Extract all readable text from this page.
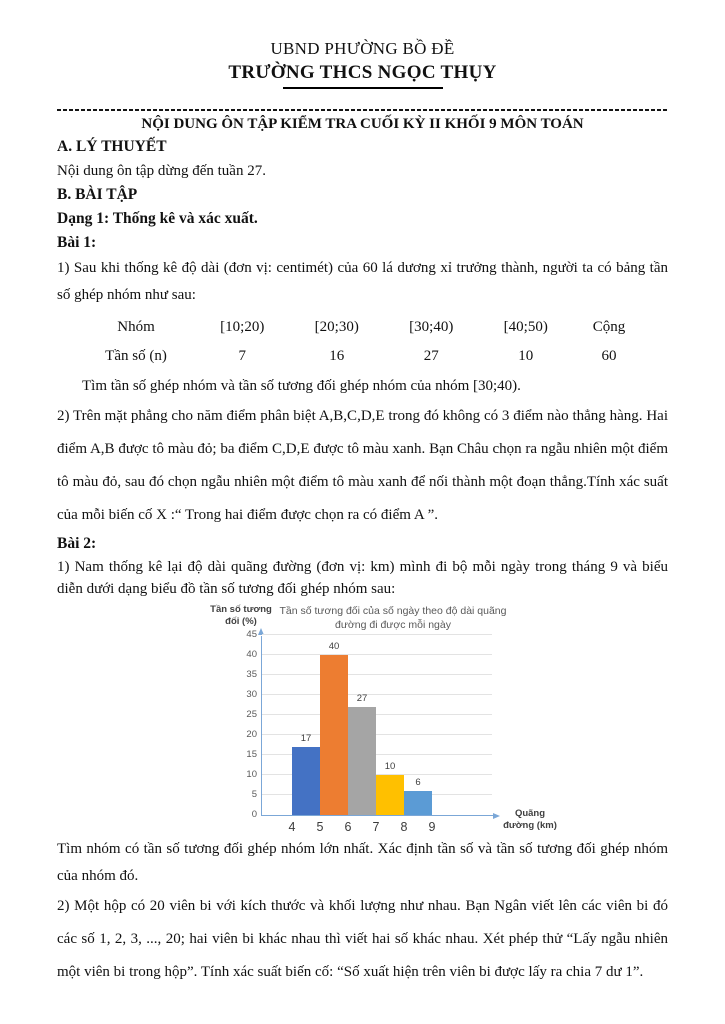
UBND PHƯỜNG BỒ ĐỀ
TRƯỜNG THCS NGỌC THỤY
NỘI DUNG ÔN TẬP KIỂM TRA CUỐI KỲ II KHỐI 9 MÔN TOÁN
A. LÝ THUYẾT
Nội dung ôn tập dừng đến tuần 27.
B. BÀI TẬP
Dạng 1: Thống kê và xác xuất.
Bài 1:

1) Sau khi thống kê độ dài (đơn vị: centimét) của 60 lá dương xỉ trưởng thành, người ta có bảng tần số ghép nhóm như sau:

Nhóm	[10;20)	[20;30)	[30;40)	[40;50)	Cộng
Tần số (n)	7	16	27	10	60

Tìm tần số ghép nhóm và tần số tương đối ghép nhóm của nhóm [30;40).

2) Trên mặt phẳng cho năm điểm phân biệt A,B,C,D,E trong đó không có 3 điểm nào thẳng hàng. Hai điểm A,B được tô màu đỏ; ba điểm C,D,E được tô màu xanh. Bạn Châu chọn ra ngẫu nhiên một điểm tô màu đỏ, sau đó chọn ngẫu nhiên một điểm tô màu xanh để nối thành một đoạn thẳng.Tính xác suất của mỗi biến cố X :“ Trong hai điểm được chọn ra có điểm A ”.

Bài 2:

1) Nam thống kê lại độ dài quãng đường (đơn vị: km) mình đi bộ mỗi ngày trong tháng 9 và biểu diễn dưới dạng biểu đồ tần số tương đối ghép nhóm sau:

Tần số tương đối (%)
Tần số tương đối của số ngày theo độ dài quãng đường đi được mỗi ngày
0
5
10
15
20
25
30
35
40
45
17
40
27
10
6
4	5	6	7	8	9
Quãng đường (km)

Tìm nhóm có tần số tương đối ghép nhóm lớn nhất. Xác định tần số và tần số tương đối ghép nhóm của nhóm đó.

2) Một hộp có 20 viên bi với kích thước và khối lượng như nhau. Bạn Ngân viết lên các viên bi đó các số 1, 2, 3, ..., 20; hai viên bi khác nhau thì viết hai số khác nhau. Xét phép thử “Lấy ngẫu nhiên một viên bi trong hộp”. Tính xác suất biến cố: “Số xuất hiện trên viên bi được lấy ra chia 7 dư 1”.
